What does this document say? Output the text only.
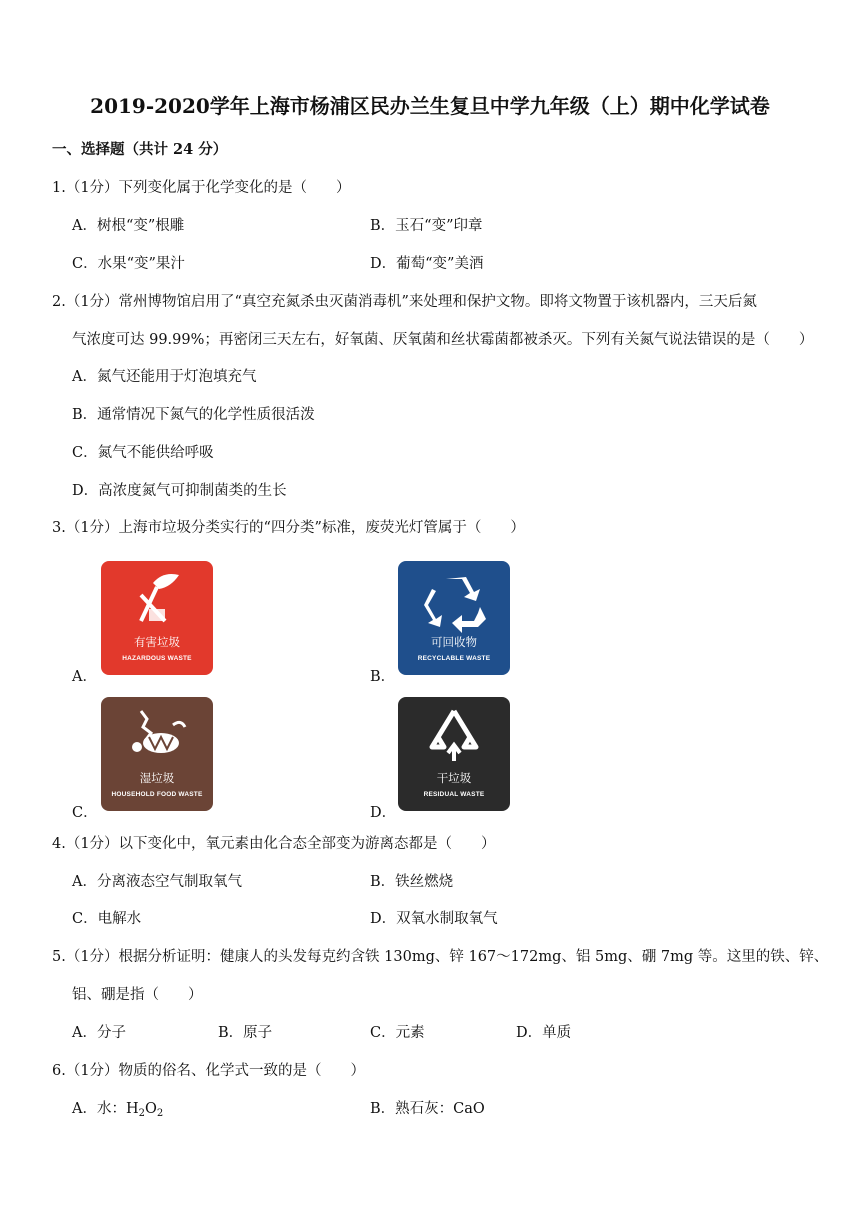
2019-2020学年上海市杨浦区民办兰生复旦中学九年级（上）期中化学试卷
一、选择题（共计 24 分）
1.（1分）下列变化属于化学变化的是（　　）
A．树根“变”根雕	B．玉石“变”印章
C．水果“变”果汁	D．葡萄“变”美酒
2.（1分）常州博物馆启用了“真空充氮杀虫灭菌消毒机”来处理和保护文物。即将文物置于该机器内，三天后氮
气浓度可达 99.99%；再密闭三天左右，好氧菌、厌氧菌和丝状霉菌都被杀灭。下列有关氮气说法错误的是（　　）
A．氮气还能用于灯泡填充气
B．通常情况下氮气的化学性质很活泼
C．氮气不能供给呼吸
D．高浓度氮气可抑制菌类的生长
3.（1分）上海市垃圾分类实行的“四分类”标准，废荧光灯管属于（　　）
有害垃圾
HAZARDOUS WASTE
A．
可回收物
RECYCLABLE WASTE
B．
湿垃圾
HOUSEHOLD FOOD WASTE
C．
干垃圾
RESIDUAL WASTE
D．
4.（1分）以下变化中，氧元素由化合态全部变为游离态都是（　　）
A．分离液态空气制取氧气	B．铁丝燃烧
C．电解水	D．双氧水制取氧气
5.（1分）根据分析证明：健康人的头发每克约含铁 130mg、锌 167～172mg、铝 5mg、硼 7mg 等。这里的铁、锌、
铝、硼是指（　　）
A．分子	B．原子	C．元素	D．单质
6.（1分）物质的俗名、化学式一致的是（　　）
A．水：$H_2O_2$	B．熟石灰：CaO
